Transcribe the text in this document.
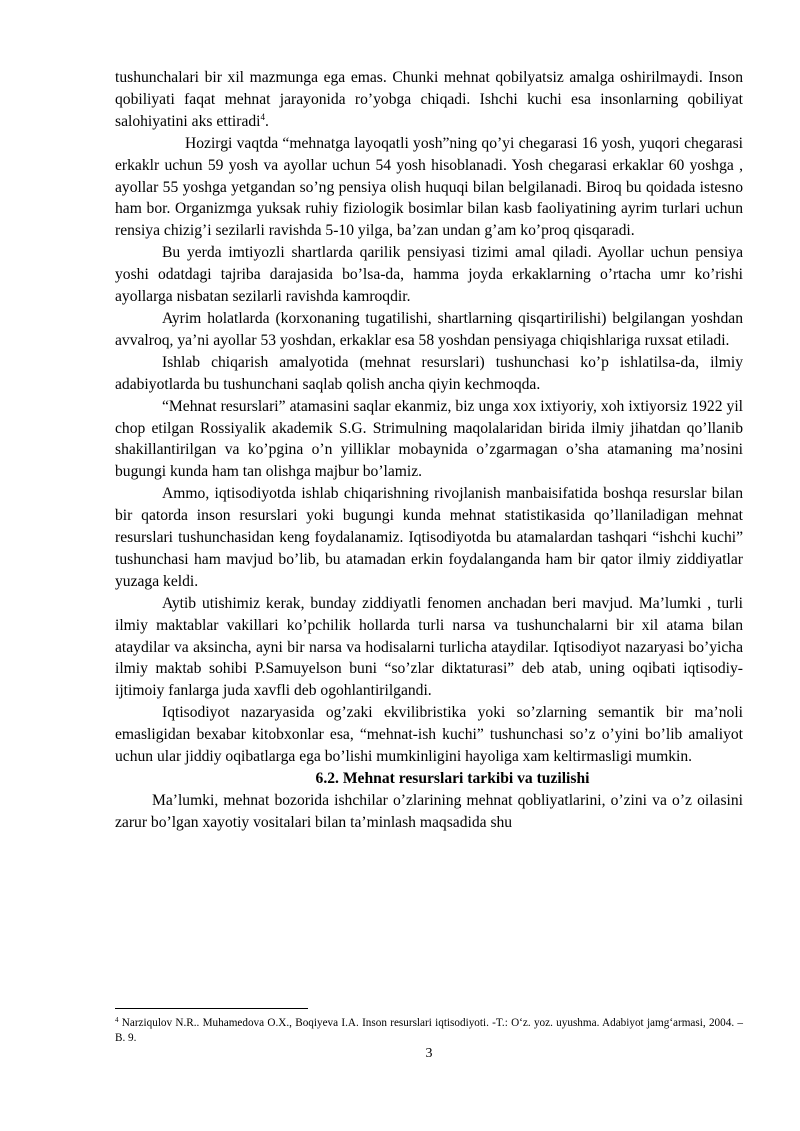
tushunchalari bir xil mazmunga ega emas. Chunki mehnat qobilyatsiz amalga oshirilmaydi. Inson qobiliyati faqat mehnat jarayonida ro’yobga chiqadi. Ishchi kuchi esa insonlarning qobiliyat salohiyatini aks ettiradi$^4$.

Hozirgi vaqtda “mehnatga layoqatli yosh”ning qo’yi chegarasi 16 yosh, yuqori chegarasi erkaklr uchun 59 yosh va ayollar uchun 54 yosh hisoblanadi. Yosh chegarasi erkaklar 60 yoshga , ayollar 55 yoshga yetgandan so’ng pensiya olish huquqi bilan belgilanadi. Biroq bu qoidada istesno ham bor. Organizmga yuksak ruhiy fiziologik bosimlar bilan kasb faoliyatining ayrim turlari uchun rensiya chizig’i sezilarli ravishda 5-10 yilga, ba’zan undan g’am ko’proq qisqaradi.

Bu yerda imtiyozli shartlarda qarilik pensiyasi tizimi amal qiladi. Ayollar uchun pensiya yoshi odatdagi tajriba darajasida bo’lsa-da, hamma joyda erkaklarning o’rtacha umr ko’rishi ayollarga nisbatan sezilarli ravishda kamroqdir.

Ayrim holatlarda (korxonaning tugatilishi, shartlarning qisqartirilishi) belgilangan yoshdan avvalroq, ya’ni ayollar 53 yoshdan, erkaklar esa 58 yoshdan pensiyaga chiqishlariga ruxsat etiladi.

Ishlab chiqarish amalyotida (mehnat resurslari) tushunchasi ko’p ishlatilsa-da, ilmiy adabiyotlarda bu tushunchani saqlab qolish ancha qiyin kechmoqda.

“Mehnat resurslari” atamasini saqlar ekanmiz, biz unga xox ixtiyoriy, xoh ixtiyorsiz 1922 yil chop etilgan Rossiyalik akademik S.G. Strimulning maqolalaridan birida ilmiy jihatdan qo’llanib shakillantirilgan va ko’pgina o’n yilliklar mobaynida o’zgarmagan o’sha atamaning ma’nosini bugungi kunda ham tan olishga majbur bo’lamiz.

Ammo, iqtisodiyotda ishlab chiqarishning rivojlanish manbaisifatida boshqa resurslar bilan bir qatorda inson resurslari yoki bugungi kunda mehnat statistikasida qo’llaniladigan mehnat resurslari tushunchasidan keng foydalanamiz. Iqtisodiyotda bu atamalardan tashqari “ishchi kuchi” tushunchasi ham mavjud bo’lib, bu atamadan erkin foydalanganda ham bir qator ilmiy ziddiyatlar yuzaga keldi.

Aytib utishimiz kerak, bunday ziddiyatli fenomen anchadan beri mavjud. Ma’lumki , turli ilmiy maktablar vakillari ko’pchilik hollarda turli narsa va tushunchalarni bir xil atama bilan ataydilar va aksincha, ayni bir narsa va hodisalarni turlicha ataydilar. Iqtisodiyot nazaryasi bo’yicha ilmiy maktab sohibi P.Samuyelson buni “so’zlar diktaturasi” deb atab, uning oqibati iqtisodiy-ijtimoiy fanlarga juda xavfli deb ogohlantirilgandi.

Iqtisodiyot nazaryasida og’zaki ekvilibristika yoki so’zlarning semantik bir ma’noli emasligidan bexabar kitobxonlar esa, “mehnat-ish kuchi” tushunchasi so’z o’yini bo’lib amaliyot uchun ular jiddiy oqibatlarga ega bo’lishi mumkinligini hayoliga xam keltirmasligi mumkin.

6.2. Mehnat resurslari tarkibi va tuzilishi

Ma’lumki, mehnat bozorida ishchilar o’zlarining mehnat qobliyatlarini, o’zini va o’z oilasini zarur bo’lgan xayotiy vositalari bilan ta’minlash maqsadida shu

$^4$ Narziqulov N.R.. Muhamedova O.X., Boqiyeva I.A. Inson resurslari iqtisodiyoti. -T.: O‘z. yoz. uyushma. Adabiyot jamg‘armasi, 2004. –B. 9.
3
